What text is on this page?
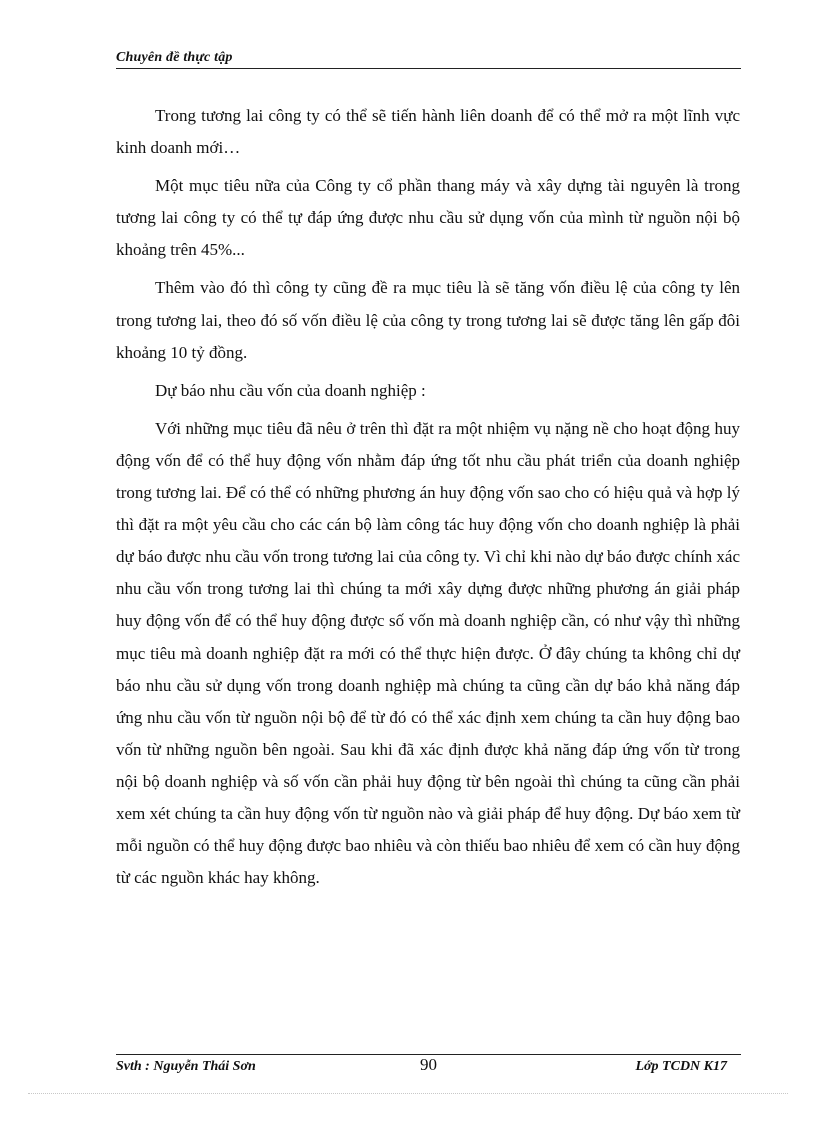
Chuyên đề thực tập

Trong tương lai công ty có thể sẽ tiến hành liên doanh để có thể mở ra một lĩnh vực kinh doanh mới…

Một mục tiêu nữa của Công ty cổ phần thang máy và xây dựng tài nguyên là trong tương lai công ty có thể tự đáp ứng được nhu cầu sử dụng vốn của mình từ nguồn nội bộ khoảng trên 45%...

Thêm vào đó thì công ty cũng đề ra mục tiêu là sẽ tăng vốn điều lệ của công ty lên trong tương lai, theo đó số vốn điều lệ của công ty trong tương lai sẽ được tăng lên gấp đôi khoảng 10 tỷ đồng.

Dự báo nhu cầu vốn của doanh nghiệp :

Với những mục tiêu đã nêu ở trên thì đặt ra một nhiệm vụ nặng nề cho hoạt động huy động vốn để có thể huy động vốn nhằm đáp ứng tốt nhu cầu phát triển của doanh nghiệp trong tương lai. Để có thể có những phương án huy động vốn sao cho có hiệu quả và hợp lý thì đặt ra một yêu cầu cho các cán bộ làm công tác huy động vốn cho doanh nghiệp là phải dự báo được nhu cầu vốn trong tương lai của công ty. Vì chỉ khi nào dự báo được chính xác nhu cầu vốn trong tương lai thì chúng ta mới xây dựng được những phương án giải pháp huy động vốn để có thể huy động được số vốn mà doanh nghiệp cần, có như vậy thì những mục tiêu mà doanh nghiệp đặt ra mới có thể thực hiện được. Ở đây chúng ta không chỉ dự báo nhu cầu sử dụng vốn trong doanh nghiệp mà chúng ta cũng cần dự báo khả năng đáp ứng nhu cầu vốn từ nguồn nội bộ để từ đó có thể xác định xem chúng ta cần huy động bao vốn từ những nguồn bên ngoài. Sau khi đã xác định được khả năng đáp ứng vốn từ trong nội bộ doanh nghiệp và số vốn cần phải huy động từ bên ngoài thì chúng ta cũng cần phải xem xét chúng ta cần huy động vốn từ nguồn nào và giải pháp để huy động. Dự báo xem từ mỗi nguồn có thể huy động được bao nhiêu và còn thiếu bao nhiêu để xem có cần huy động từ các nguồn khác hay không.

Svth : Nguyễn Thái Sơn	90	Lớp TCDN K17
